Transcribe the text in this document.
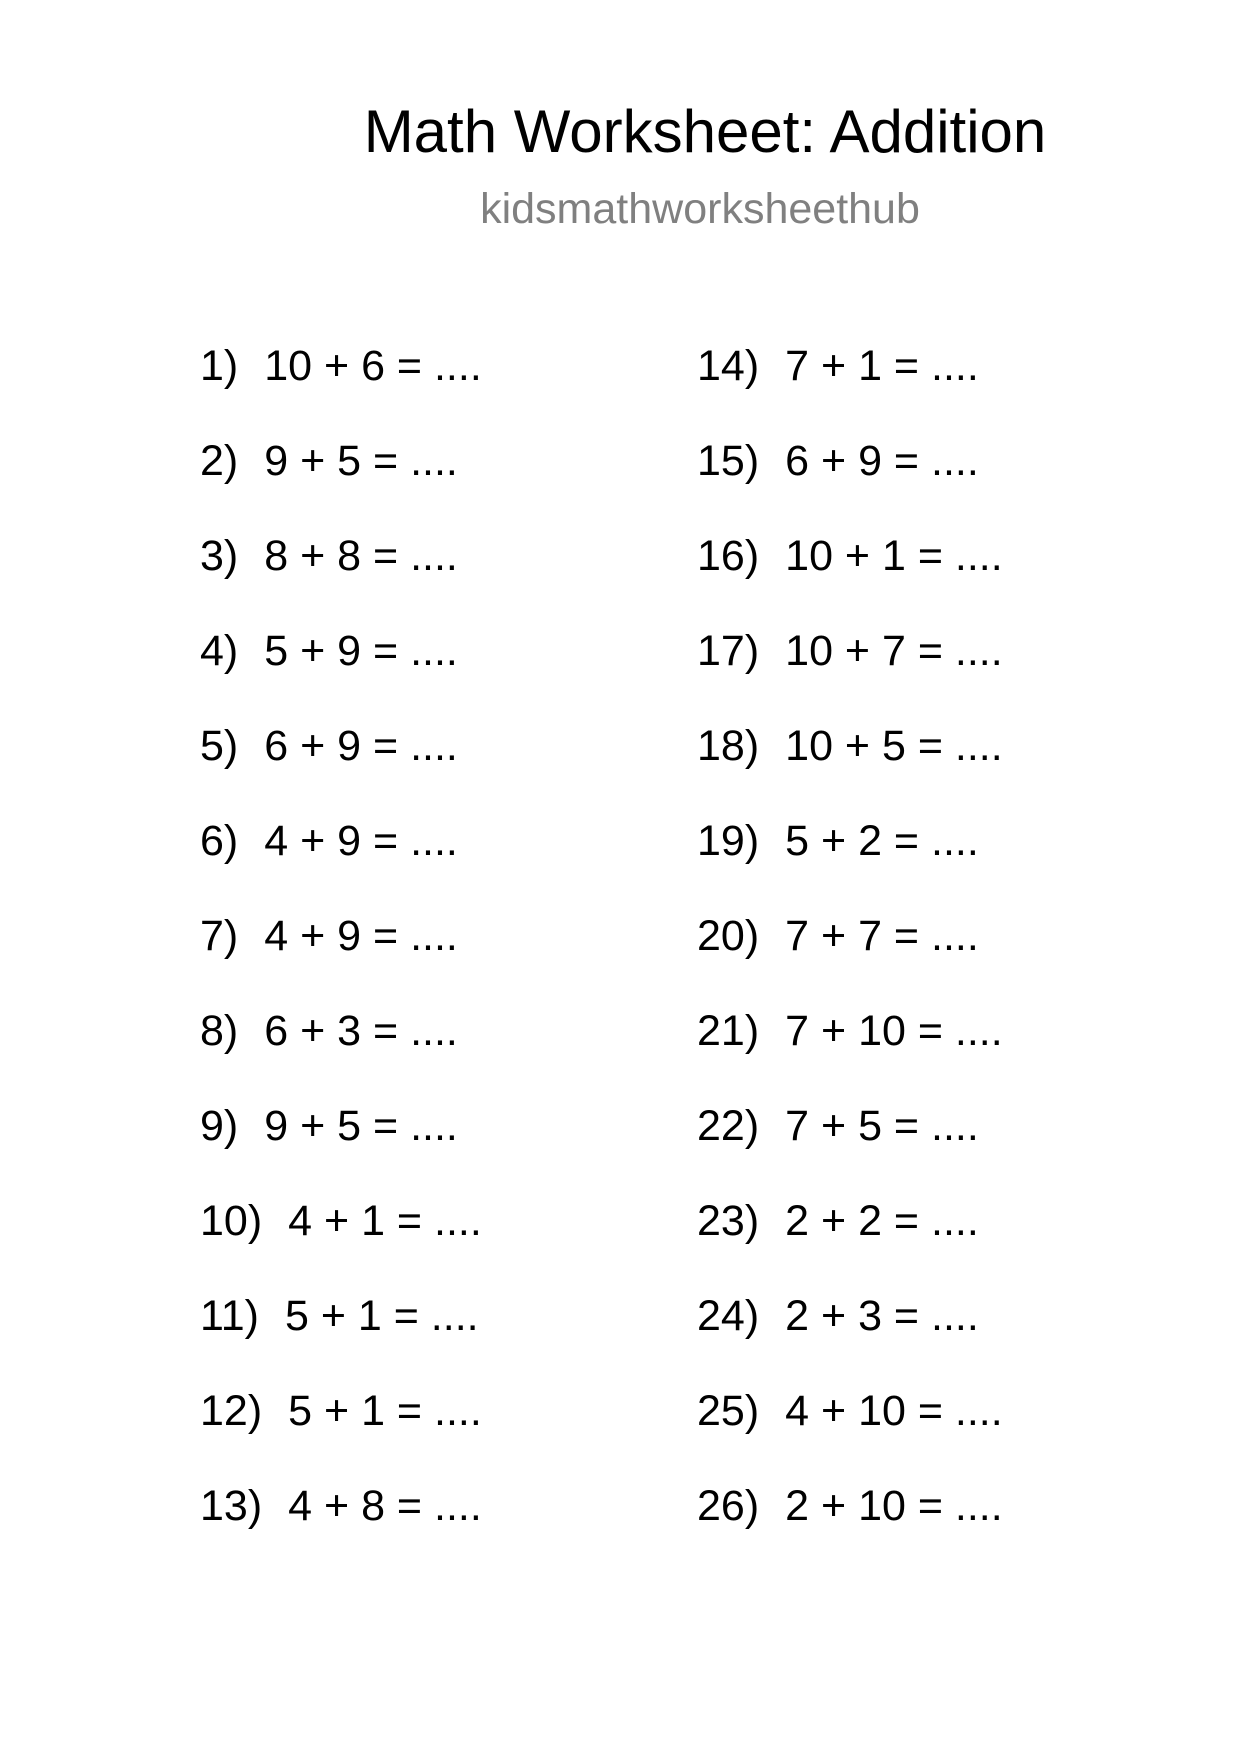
Math Worksheet: Addition
kidsmathworksheethub
1) 10 + 6 = ....
2) 9 + 5 = ....
3) 8 + 8 = ....
4) 5 + 9 = ....
5) 6 + 9 = ....
6) 4 + 9 = ....
7) 4 + 9 = ....
8) 6 + 3 = ....
9) 9 + 5 = ....
10) 4 + 1 = ....
11) 5 + 1 = ....
12) 5 + 1 = ....
13) 4 + 8 = ....
14) 7 + 1 = ....
15) 6 + 9 = ....
16) 10 + 1 = ....
17) 10 + 7 = ....
18) 10 + 5 = ....
19) 5 + 2 = ....
20) 7 + 7 = ....
21) 7 + 10 = ....
22) 7 + 5 = ....
23) 2 + 2 = ....
24) 2 + 3 = ....
25) 4 + 10 = ....
26) 2 + 10 = ....
